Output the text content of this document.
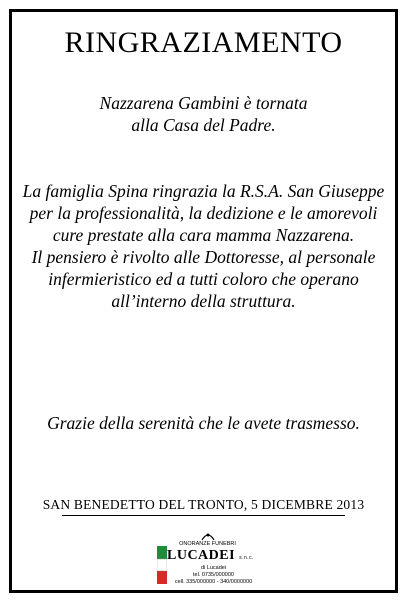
RINGRAZIAMENTO
Nazzarena Gambini è tornata
alla Casa del Padre.
La famiglia Spina ringrazia la R.S.A. San Giuseppe
per la professionalità, la dedizione e le amorevoli
cure prestate alla cara mamma Nazzarena.
Il pensiero è rivolto alle Dottoresse, al personale
infermieristico ed a tutti coloro che operano
all’interno della struttura.
Grazie della serenità che le avete trasmesso.
SAN BENEDETTO DEL TRONTO, 5 DICEMBRE 2013
ONORANZE FUNEBRI
LUCADEI s.n.c.
di Lucadei
tel. 0735/000000
cell. 335/000000 - 340/0000000
